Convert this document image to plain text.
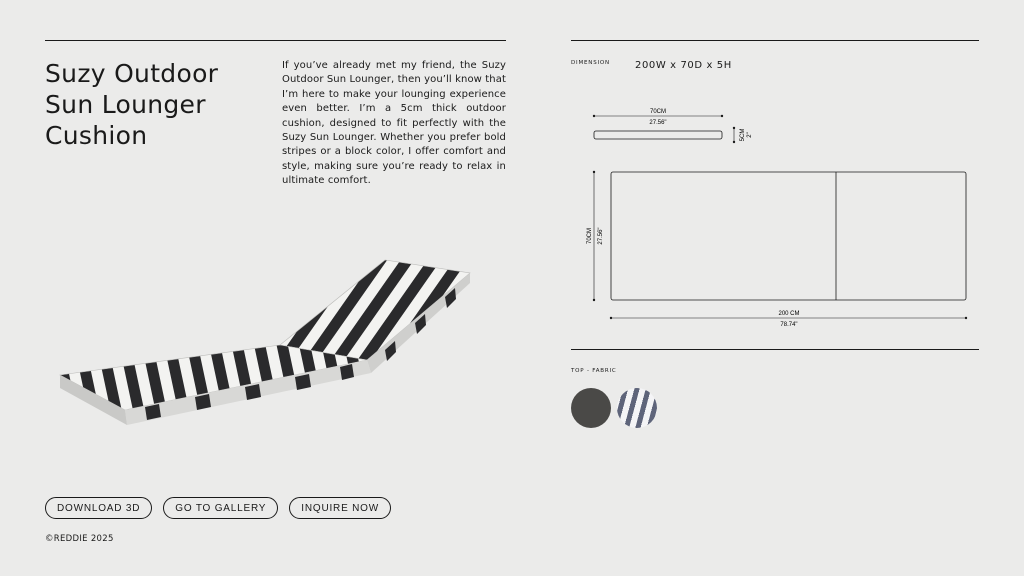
Suzy Outdoor
Sun Lounger
Cushion

If you’ve already met my friend, the Suzy Outdoor Sun Lounger, then you’ll know that I’m here to make your lounging experience even better. I’m a 5cm thick outdoor cushion, designed to fit perfectly with the Suzy Sun Lounger. Whether you prefer bold stripes or a block color, I offer comfort and style, making sure you’re ready to relax in ultimate comfort.

DOWNLOAD 3D	GO TO GALLERY	INQUIRE NOW
©REDDIE 2025
DIMENSION	200W x 70D x 5H
70CM
27.56"
5CM 2"
70CM 27.56"
200 CM
78.74"
TOP - FABRIC
